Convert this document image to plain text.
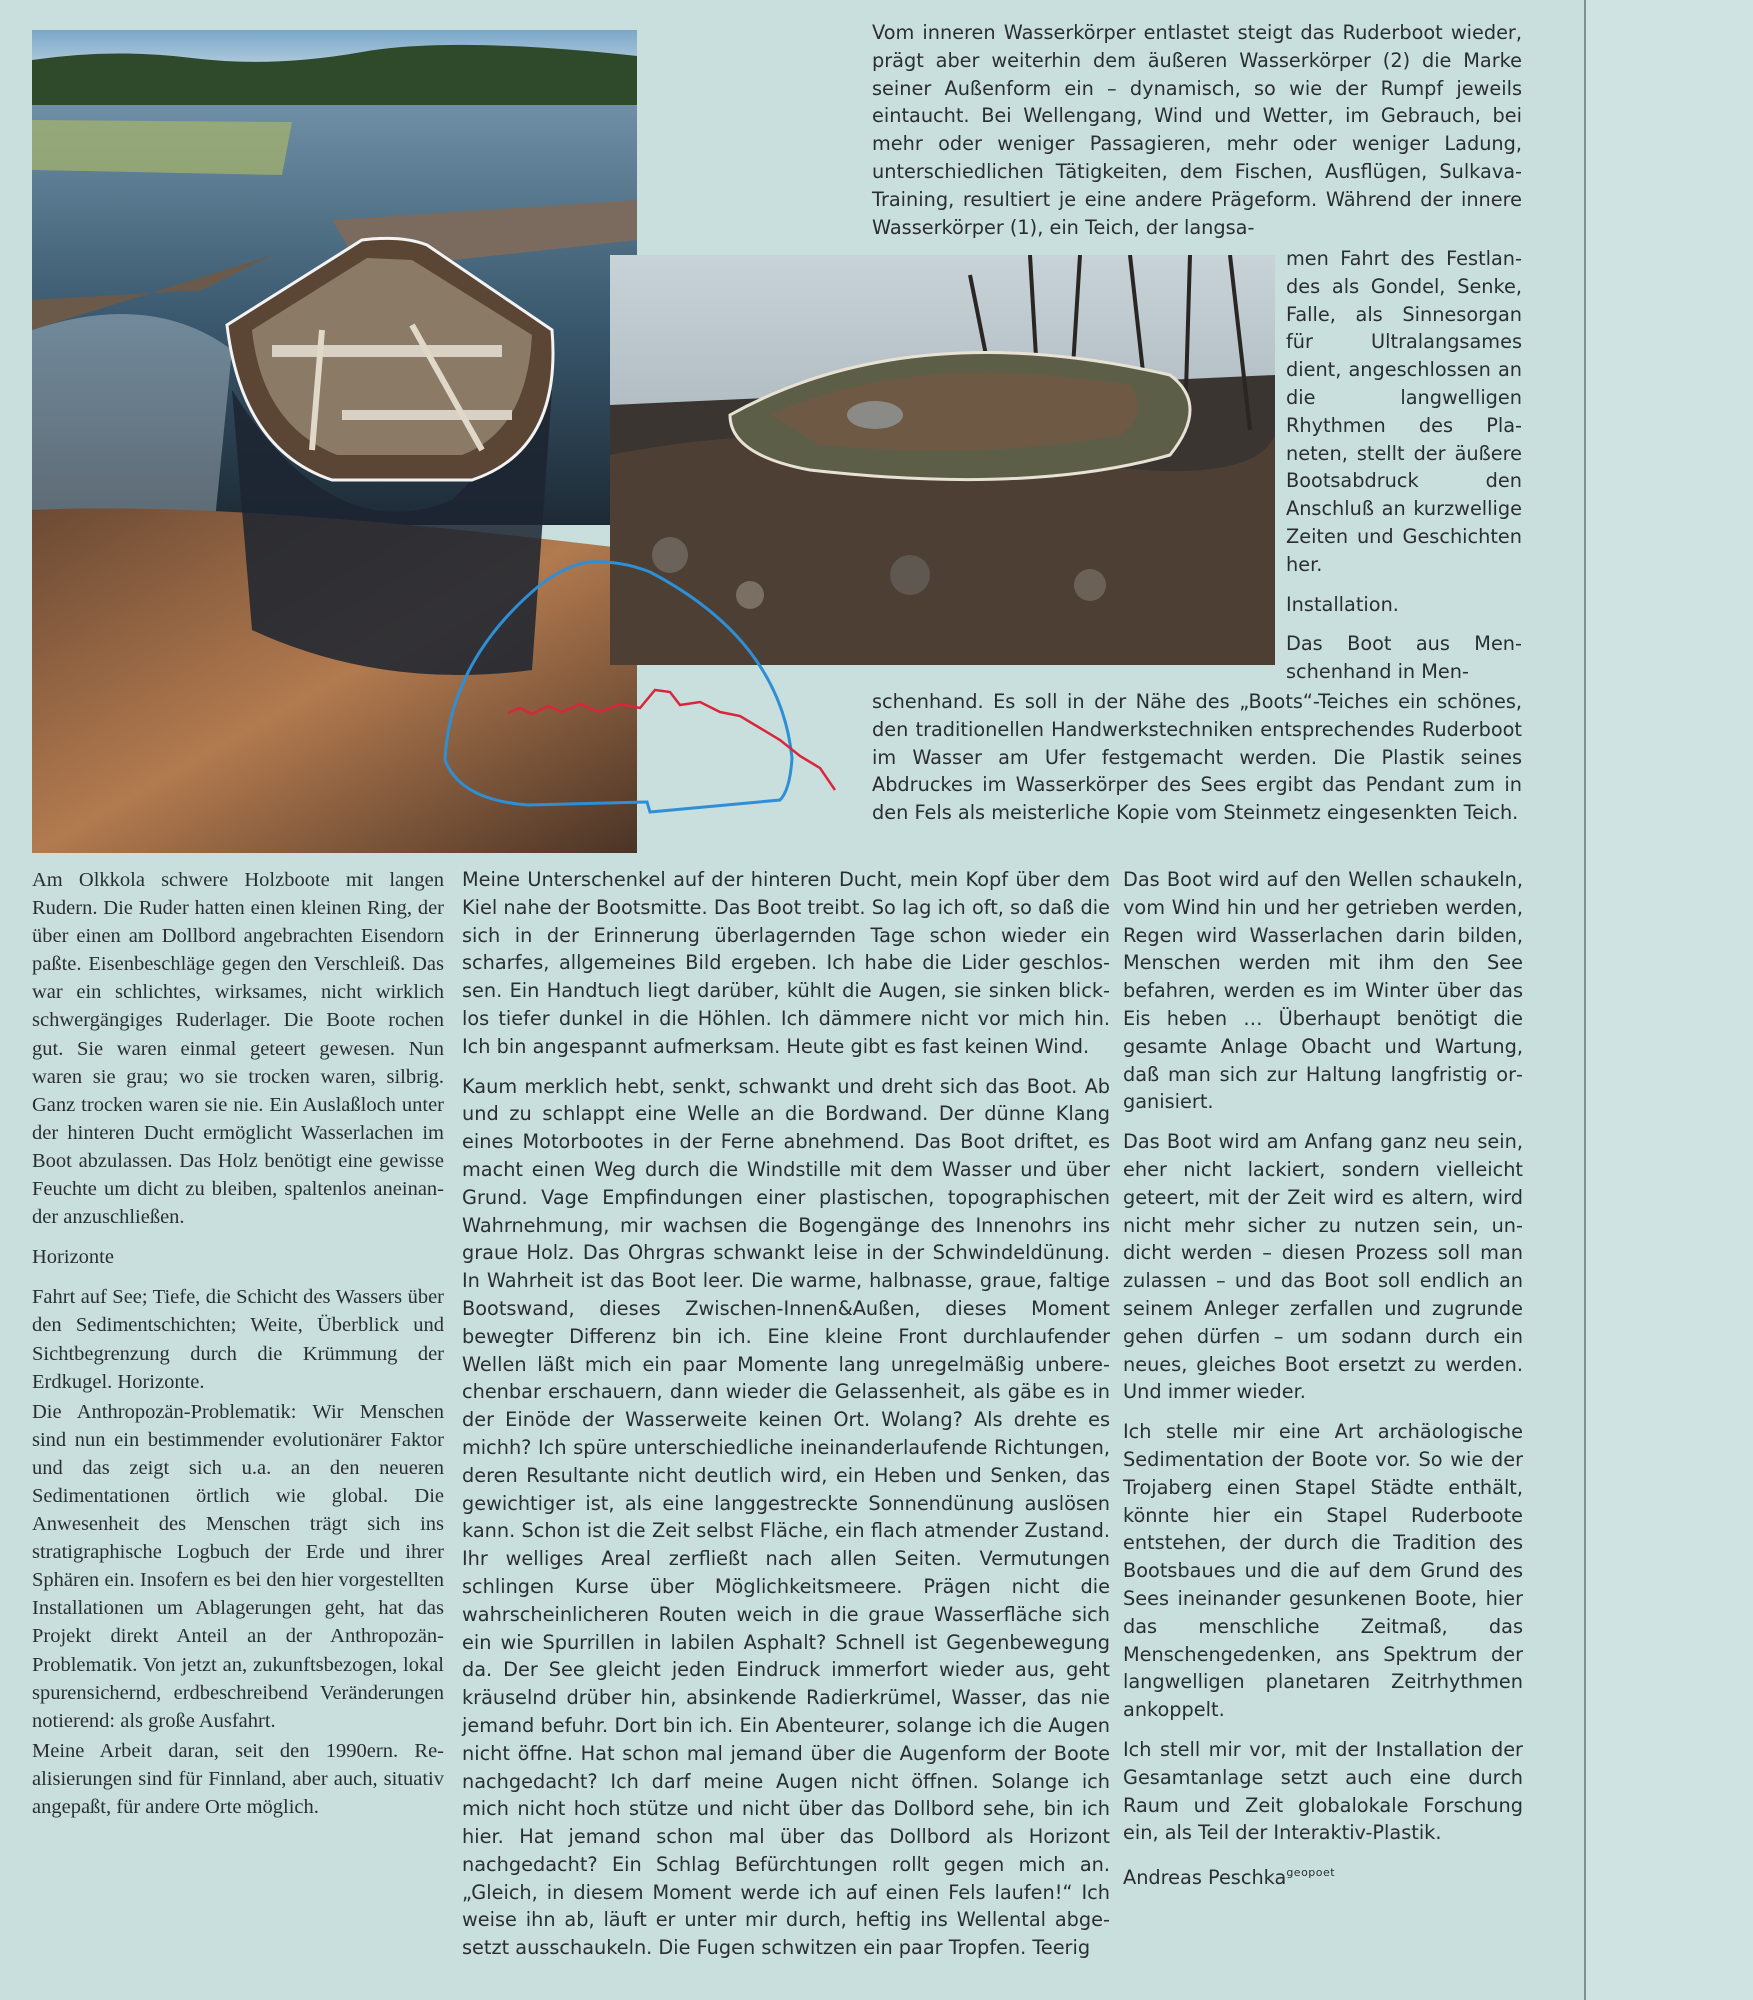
Vom inneren Wasserkörper entlastet steigt das Ruderboot wieder, prägt aber weiterhin dem äußeren Wasserkörper (2) die Marke seiner Außenform ein – dynamisch, so wie der Rumpf jeweils eintaucht. Bei Wellengang, Wind und Wetter, im Gebrauch, bei mehr oder weniger Passagieren, mehr oder weniger Ladung, unterschiedlichen Tätigkeiten, dem Fischen, Ausflügen, Sulkava-Training, resultiert je eine andere Prägeform. Während der innere Wasserkörper (1), ein Teich, der langsa-

men Fahrt des Festlandes als Gondel, Senke, Falle, als Sinnesorgan für Ultralangsames dient, angeschlossen an die langwelligen Rhythmen des Planeten, stellt der äußere Bootsabdruck den Anschluß an kurzwellige Zeiten und Geschichten her.

Installation.

Das Boot aus Menschenhand in Men-

schenhand. Es soll in der Nähe des „Boots“-Teiches ein schönes, den traditionellen Handwerkstechniken entsprechendes Ruderboot im Wasser am Ufer festgemacht werden. Die Plastik seines Abdruckes im Wasserkörper des Sees ergibt das Pendant zum in den Fels als meisterliche Kopie vom Steinmetz eingesenkten Teich.

Am Olkkola schwere Holzboote mit langen Rudern. Die Ruder hatten einen kleinen Ring, der über einen am Dollbord angebrachten Eisendorn paßte. Eisenbeschläge gegen den Verschleiß. Das war ein schlichtes, wirksames, nicht wirklich schwergängiges Ruderlager. Die Boote rochen gut. Sie waren einmal geteert gewesen. Nun waren sie grau; wo sie trocken waren, silbrig. Ganz trocken waren sie nie. Ein Auslaßloch unter der hinteren Ducht ermöglicht Wasserlachen im Boot abzulassen. Das Holz benötigt eine gewisse Feuchte um dicht zu bleiben, spaltenlos aneinander anzuschließen.

Horizonte

Fahrt auf See; Tiefe, die Schicht des Wassers über den Sedimentschichten; Weite, Überblick und Sichtbegrenzung durch die Krümmung der Erdkugel. Horizonte.

Die Anthropozän-Problematik: Wir Menschen sind nun ein bestimmender evolutionärer Faktor und das zeigt sich u.a. an den neueren Sedimentationen örtlich wie global. Die Anwesenheit des Menschen trägt sich ins stratigraphische Logbuch der Erde und ihrer Sphären ein. Insofern es bei den hier vorgestellten Installationen um Ablagerungen geht, hat das Projekt direkt Anteil an der Anthropozän-Problematik. Von jetzt an, zukunftsbezogen, lokal spurensichernd, erdbeschreibend Veränderungen notierend: als große Ausfahrt.

Meine Arbeit daran, seit den 1990ern. Realisierungen sind für Finnland, aber auch, situativ angepaßt, für andere Orte möglich.

Meine Unterschenkel auf der hinteren Ducht, mein Kopf über dem Kiel nahe der Bootsmitte. Das Boot treibt. So lag ich oft, so daß die sich in der Erinnerung überlagernden Tage schon wieder ein scharfes, allgemeines Bild ergeben. Ich habe die Lider geschlossen. Ein Handtuch liegt darüber, kühlt die Augen, sie sinken blicklos tiefer dunkel in die Höhlen. Ich dämmere nicht vor mich hin. Ich bin angespannt aufmerksam. Heute gibt es fast keinen Wind.

Kaum merklich hebt, senkt, schwankt und dreht sich das Boot. Ab und zu schlappt eine Welle an die Bordwand. Der dünne Klang eines Motorbootes in der Ferne abnehmend. Das Boot driftet, es macht einen Weg durch die Windstille mit dem Wasser und über Grund. Vage Empfindungen einer plastischen, topographischen Wahrnehmung, mir wachsen die Bogengänge des Innenohrs ins graue Holz. Das Ohrgras schwankt leise in der Schwindeldünung. In Wahrheit ist das Boot leer. Die warme, halbnasse, graue, faltige Bootswand, dieses Zwischen-Innen&Außen, dieses Moment bewegter Differenz bin ich. Eine kleine Front durchlaufender Wellen läßt mich ein paar Momente lang unregelmäßig unberechenbar erschauern, dann wieder die Gelassenheit, als gäbe es in der Einöde der Wasserweite keinen Ort. Wolang? Als drehte es michh? Ich spüre unterschiedliche ineinanderlaufende Richtungen, deren Resultante nicht deutlich wird, ein Heben und Senken, das gewichtiger ist, als eine langgestreckte Sonnendünung auslösen kann. Schon ist die Zeit selbst Fläche, ein flach atmender Zustand. Ihr welliges Areal zerfließt nach allen Seiten. Vermutungen schlingen Kurse über Möglichkeitsmeere. Prägen nicht die wahrscheinlicheren Routen weich in die graue Wasserfläche sich ein wie Spurrillen in labilen Asphalt? Schnell ist Gegenbewegung da. Der See gleicht jeden Eindruck immerfort wieder aus, geht kräuselnd drüber hin, absinkende Radierkrümel, Wasser, das nie jemand befuhr. Dort bin ich. Ein Abenteurer, solange ich die Augen nicht öffne. Hat schon mal jemand über die Augenform der Boote nachgedacht? Ich darf meine Augen nicht öffnen. Solange ich mich nicht hoch stütze und nicht über das Dollbord sehe, bin ich hier. Hat jemand schon mal über das Dollbord als Horizont nachgedacht? Ein Schlag Befürchtungen rollt gegen mich an. „Gleich, in diesem Moment werde ich auf einen Fels laufen!“ Ich weise ihn ab, läuft er unter mir durch, heftig ins Wellental abgesetzt ausschaukeln. Die Fugen schwitzen ein paar Tropfen. Teerig

Das Boot wird auf den Wellen schaukeln, vom Wind hin und her getrieben werden, Regen wird Wasserlachen darin bilden, Menschen werden mit ihm den See befahren, werden es im Winter über das Eis heben … Überhaupt benötigt die gesamte Anlage Obacht und Wartung, daß man sich zur Haltung langfristig organisiert.

Das Boot wird am Anfang ganz neu sein, eher nicht lackiert, sondern vielleicht geteert, mit der Zeit wird es altern, wird nicht mehr sicher zu nutzen sein, undicht werden – diesen Prozess soll man zulassen – und das Boot soll endlich an seinem Anleger zerfallen und zugrunde gehen dürfen – um sodann durch ein neues, gleiches Boot ersetzt zu werden. Und immer wieder.

Ich stelle mir eine Art archäologische Sedimentation der Boote vor. So wie der Trojaberg einen Stapel Städte enthält, könnte hier ein Stapel Ruderboote entstehen, der durch die Tradition des Bootsbaues und die auf dem Grund des Sees ineinander gesunkenen Boote, hier das menschliche Zeitmaß, das Menschengedenken, ans Spektrum der langwelligen planetaren Zeitrhythmen ankoppelt.

Ich stell mir vor, mit der Installation der Gesamtanlage setzt auch eine durch Raum und Zeit globalokale Forschung ein, als Teil der Interaktiv-Plastik.

Andreas Peschka$^{geopoet}$
